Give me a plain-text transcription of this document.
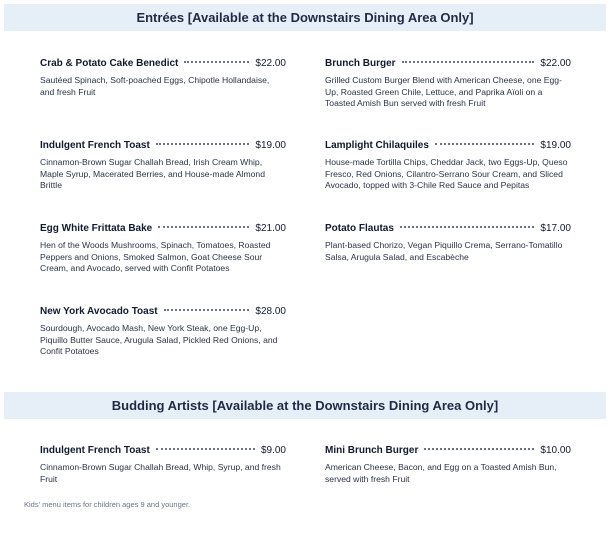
Entrées [Available at the Downstairs Dining Area Only]
Crab & Potato Cake Benedict	$22.00
Sautéed Spinach, Soft-poached Eggs, Chipotle Hollandaise, and fresh Fruit
Brunch Burger	$22.00
Grilled Custom Burger Blend with American Cheese, one Egg-Up, Roasted Green Chile, Lettuce, and Paprika Aïoli on a Toasted Amish Bun served with fresh Fruit
Indulgent French Toast	$19.00
Cinnamon-Brown Sugar Challah Bread, Irish Cream Whip, Maple Syrup, Macerated Berries, and House-made Almond Brittle
Lamplight Chilaquiles	$19.00
House-made Tortilla Chips, Cheddar Jack, two Eggs-Up, Queso Fresco, Red Onions, Cilantro-Serrano Sour Cream, and Sliced Avocado, topped with 3-Chile Red Sauce and Pepitas
Egg White Frittata Bake	$21.00
Hen of the Woods Mushrooms, Spinach, Tomatoes, Roasted Peppers and Onions, Smoked Salmon, Goat Cheese Sour Cream, and Avocado, served with Confit Potatoes
Potato Flautas	$17.00
Plant-based Chorizo, Vegan Piquillo Crema, Serrano-Tomatillo Salsa, Arugula Salad, and Escabèche
New York Avocado Toast	$28.00
Sourdough, Avocado Mash, New York Steak, one Egg-Up, Piquillo Butter Sauce, Arugula Salad, Pickled Red Onions, and Confit Potatoes
Budding Artists [Available at the Downstairs Dining Area Only]
Indulgent French Toast	$9.00
Cinnamon-Brown Sugar Challah Bread, Whip, Syrup, and fresh Fruit
Mini Brunch Burger	$10.00
American Cheese, Bacon, and Egg on a Toasted Amish Bun, served with fresh Fruit
Kids' menu items for children ages 9 and younger.
